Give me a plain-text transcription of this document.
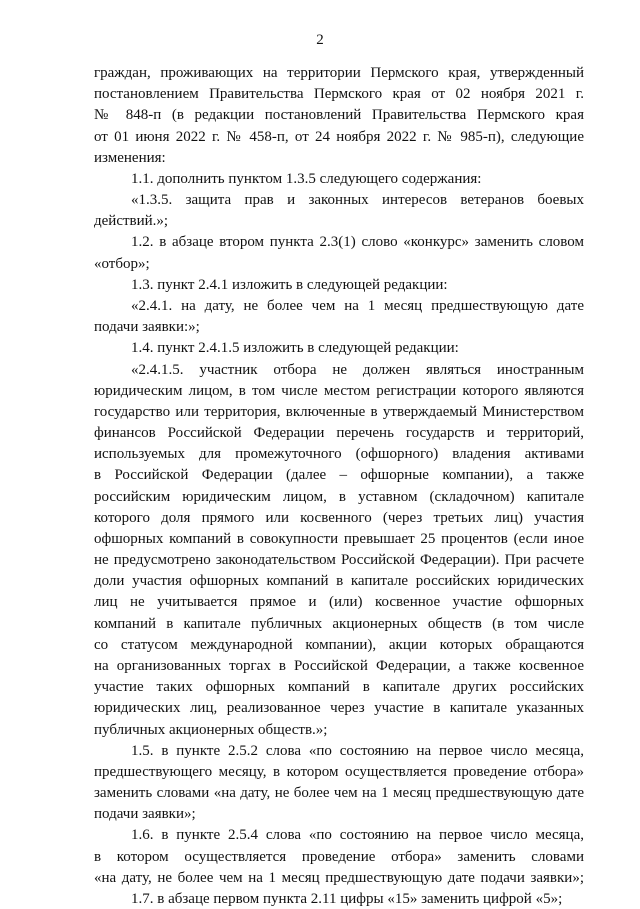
2
граждан, проживающих на территории Пермского края, утвержденный
постановлением Правительства Пермского края от 02 ноября 2021 г.
№ 848-п (в редакции постановлений Правительства Пермского края
от 01 июня 2022 г. № 458-п, от 24 ноября 2022 г. № 985-п), следующие
изменения:
1.1. дополнить пунктом 1.3.5 следующего содержания:
«1.3.5. защита прав и законных интересов ветеранов боевых
действий.»;
1.2. в абзаце втором пункта 2.3(1) слово «конкурс» заменить словом
«отбор»;
1.3. пункт 2.4.1 изложить в следующей редакции:
«2.4.1. на дату, не более чем на 1 месяц предшествующую дате
подачи заявки:»;
1.4. пункт 2.4.1.5 изложить в следующей редакции:
«2.4.1.5. участник отбора не должен являться иностранным
юридическим лицом, в том числе местом регистрации которого являются
государство или территория, включенные в утверждаемый Министерством
финансов Российской Федерации перечень государств и территорий,
используемых для промежуточного (офшорного) владения активами
в Российской Федерации (далее – офшорные компании), а также
российским юридическим лицом, в уставном (складочном) капитале
которого доля прямого или косвенного (через третьих лиц) участия
офшорных компаний в совокупности превышает 25 процентов (если иное
не предусмотрено законодательством Российской Федерации). При расчете
доли участия офшорных компаний в капитале российских юридических
лиц не учитывается прямое и (или) косвенное участие офшорных
компаний в капитале публичных акционерных обществ (в том числе
со статусом международной компании), акции которых обращаются
на организованных торгах в Российской Федерации, а также косвенное
участие таких офшорных компаний в капитале других российских
юридических лиц, реализованное через участие в капитале указанных
публичных акционерных обществ.»;
1.5. в пункте 2.5.2 слова «по состоянию на первое число месяца,
предшествующего месяцу, в котором осуществляется проведение отбора»
заменить словами «на дату, не более чем на 1 месяц предшествующую дате
подачи заявки»;
1.6. в пункте 2.5.4 слова «по состоянию на первое число месяца,
в котором осуществляется проведение отбора» заменить словами
«на дату, не более чем на 1 месяц предшествующую дате подачи заявки»;
1.7. в абзаце первом пункта 2.11 цифры «15» заменить цифрой «5»;
